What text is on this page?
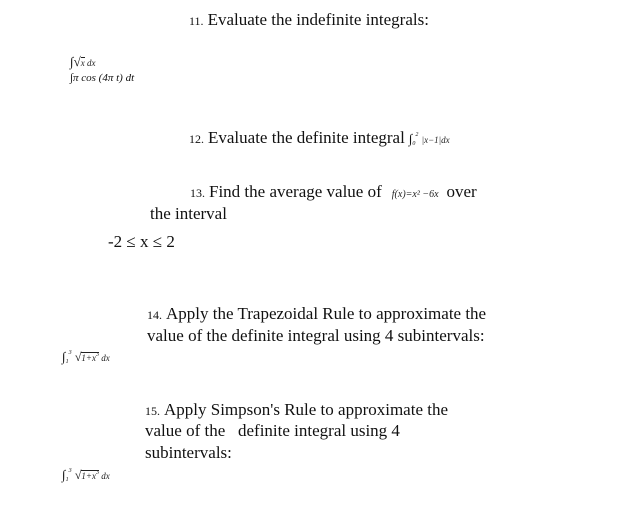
11. Evaluate the indefinite integrals:
∫√x dx
∫π cos (4π t) dt
12. Evaluate the definite integral $\int_0^2$ |x−1|dx
13. Find the average value of f(x)=x² −6x over
the interval
-2 ≤ x ≤ 2
14. Apply the Trapezoidal Rule to approximate the
value of the definite integral using 4 subintervals:
$\int_1^3$ $√1+x^3$ dx
15. Apply Simpson's Rule to approximate the
value of the   definite integral using 4
subintervals:
$\int_1^3$ $√1+x^3$ dx
